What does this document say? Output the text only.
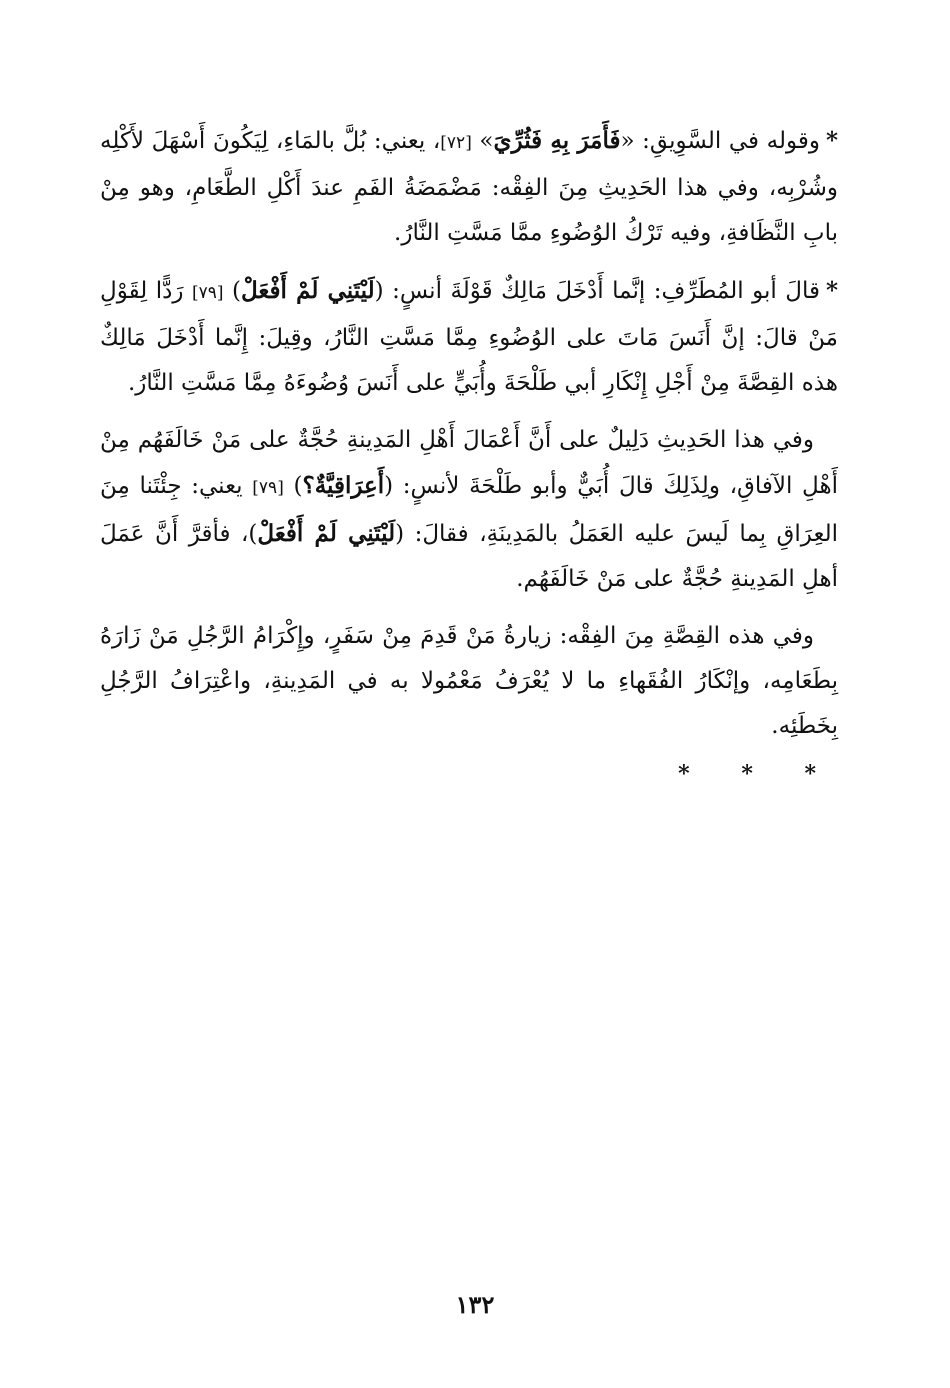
*وقوله في السَّوِيقِ: «فَأَمَرَ بِهِ فَثُرِّيَ» [٧٢]، يعني: بُلَّ بالمَاءِ، لِيَكُونَ أَسْهَلَ لأَكْلِه وشُرْبِه، وفي هذا الحَدِيثِ مِنَ الفِقْه: مَضْمَضَةُ الفَمِ عندَ أَكْلِ الطَّعَامِ، وهو مِنْ بابِ النَّظَافةِ، وفيه تَرْكُ الوُضُوءِ ممَّا مَسَّتِ النَّارُ.

*قالَ أبو المُطَرِّفِ: إنَّما أَدْخَلَ مَالِكٌ قَوْلَةَ أنسٍ: (لَيْتَنِي لَمْ أَفْعَلْ) [٧٩] رَدًّا لِقَوْلِ مَنْ قالَ: إنَّ أَنَسَ مَاتَ على الوُضُوءِ مِمَّا مَسَّتِ النَّارُ، وقِيلَ: إِنَّما أَدْخَلَ مَالِكٌ هذه القِصَّةَ مِنْ أَجْلِ إِنْكَارِ أبي طَلْحَةَ وأُبَيٍّ على أَنَسَ وُضُوءَهُ مِمَّا مَسَّتِ النَّارُ.

وفي هذا الحَدِيثِ دَلِيلٌ على أَنَّ أَعْمَالَ أَهْلِ المَدِينةِ حُجَّةٌ على مَنْ خَالَفَهُم مِنْ أَهْلِ الآفاقِ، ولِذَلِكَ قالَ أُبَيٌّ وأبو طَلْحَةَ لأنسٍ: (أَعِرَاقِيَّةٌ؟) [٧٩] يعني: جِئْتَنا مِنَ العِرَاقِ بِما لَيسَ عليه العَمَلُ بالمَدِينَةِ، فقالَ: (لَيْتَنِي لَمْ أَفْعَلْ)، فأقرَّ أَنَّ عَمَلَ أهلِ المَدِينةِ حُجَّةٌ على مَنْ خَالَفَهُم.

وفي هذه القِصَّةِ مِنَ الفِقْه: زيارةُ مَنْ قَدِمَ مِنْ سَفَرٍ، وإِكْرَامُ الرَّجُلِ مَنْ زَارَهُ بِطَعَامِه، وإنْكَارُ الفُقَهاءِ ما لا يُعْرَفُ مَعْمُولا به في المَدِينةِ، واعْتِرَافُ الرَّجُلِ بِخَطَئِه.

* * *
١٣٢
